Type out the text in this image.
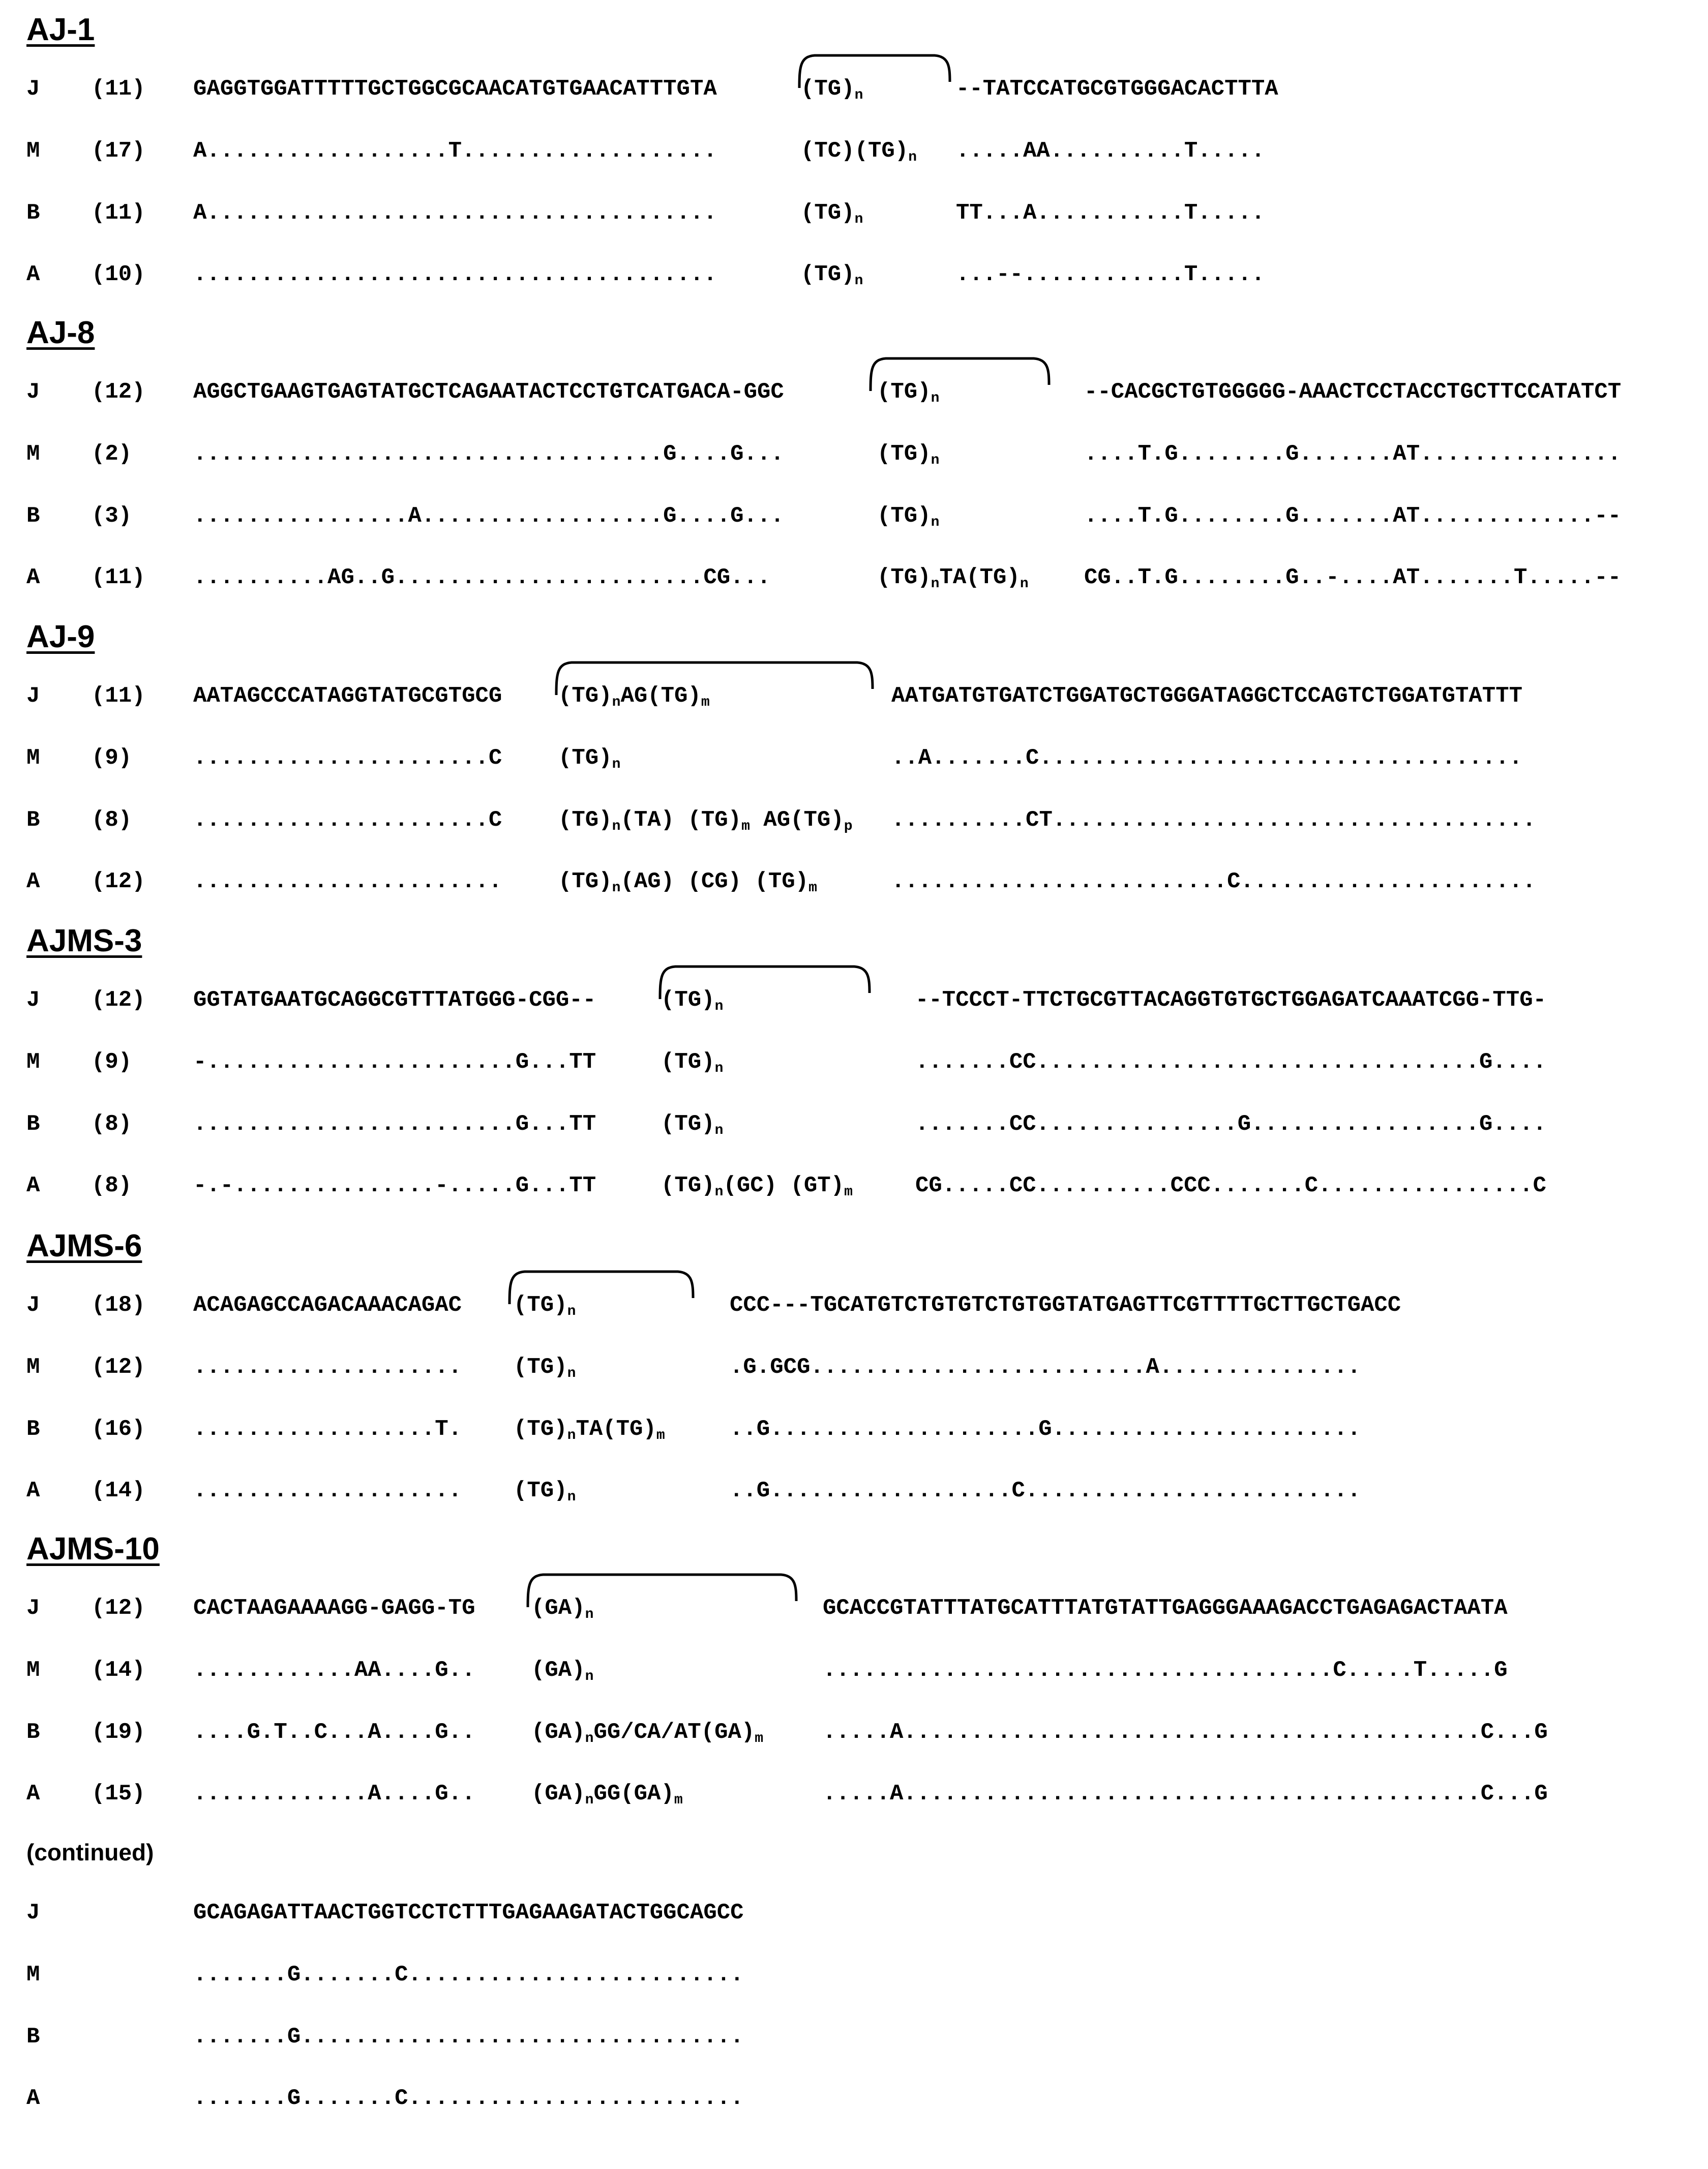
AJ-1
J (11) GAGGTGGATTTTTGCTGGCGCAACATGTGAACATTTGTA	$(TG)_n$	--TATCCATGCGTGGGACACTTTA
M (17) A..................T...................	$(TC)(TG)_n$ .....AA..........T.....
B (11) A......................................	$(TG)_n$	TT...A...........T.....
A (10) .......................................	$(TG)_n$	...--............T.....
AJ-8
J (12) AGGCTGAAGTGAGTATGCTCAGAATACTCCTGTCATGACA-GGC	$(TG)_n$	--CACGCTGTGGGGG-AAACTCCTACCTGCTTCCATATCT
M (2)	...................................G....G...	$(TG)_n$	....T.G........G.......AT...............
B (3)	................A..................G....G...	$(TG)_n$	....T.G........G.......AT.............--
A (11) ..........AG..G.......................CG...	$(TG)_nTA(TG)_n$ CG..T.G........G..-....AT.......T.....--
AJ-9
J (11) AATAGCCCATAGGTATGCGTGCG	$(TG)_nAG(TG)_m$	AATGATGTGATCTGGATGCTGGGATAGGCTCCAGTCTGGATGTATTT
M (9)	......................C	$(TG)_n$	..A.......C....................................
B (8)	......................C	$(TG)_n(TA)$ $(TG)_m$ $AG(TG)_p$ ..........CT....................................
A (12) .......................	$(TG)_n(AG)$ (CG) $(TG)_m$	.........................C......................
AJMS-3
J (12) GGTATGAATGCAGGCGTTTATGGG-CGG--	$(TG)_n$	--TCCCT-TTCTGCGTTACAGGTGTGCTGGAGATCAAATCGG-TTG-
M (9)	-.......................G...TT	$(TG)_n$	.......CC.................................G....
B (8)	........................G...TT	$(TG)_n$	.......CC...............G.................G....
A (8)	-.-...............-.....G...TT	$(TG)_n(GC)$ $(GT)_m$	CG.....CC..........CCC.......C................C
AJMS-6
J (18) ACAGAGCCAGACAAACAGAC $(TG)_n$	CCC---TGCATGTCTGTGTCTGTGGTATGAGTTCGTTTTGCTTGCTGACC
M (12) .................... $(TG)_n$	.G.GCG.........................A...............
B (16) ..................T. $(TG)_nTA(TG)_m$	..G....................G.......................
A (14) .................... $(TG)_n$	..G..................C.........................
AJMS-10
J (12) CACTAAGAAAAGG-GAGG-TG	$(GA)_n$	GCACCGTATTTATGCATTTATGTATTGAGGGAAAGACCTGAGAGACTAATA
M (14) ............AA....G..	$(GA)_n$	......................................C.....T.....G
B (19) ....G.T..C...A....G..	$(GA)_nGG/CA/AT(GA)_m$	.....A...........................................C...G
A (15) .............A....G..	$(GA)_nGG(GA)_m$	.....A...........................................C...G
(continued)
J	GCAGAGATTAACTGGTCCTCTTTGAGAAGATACTGGCAGCC
M	.......G.......C.........................
B	.......G.................................
A	.......G.......C.........................
